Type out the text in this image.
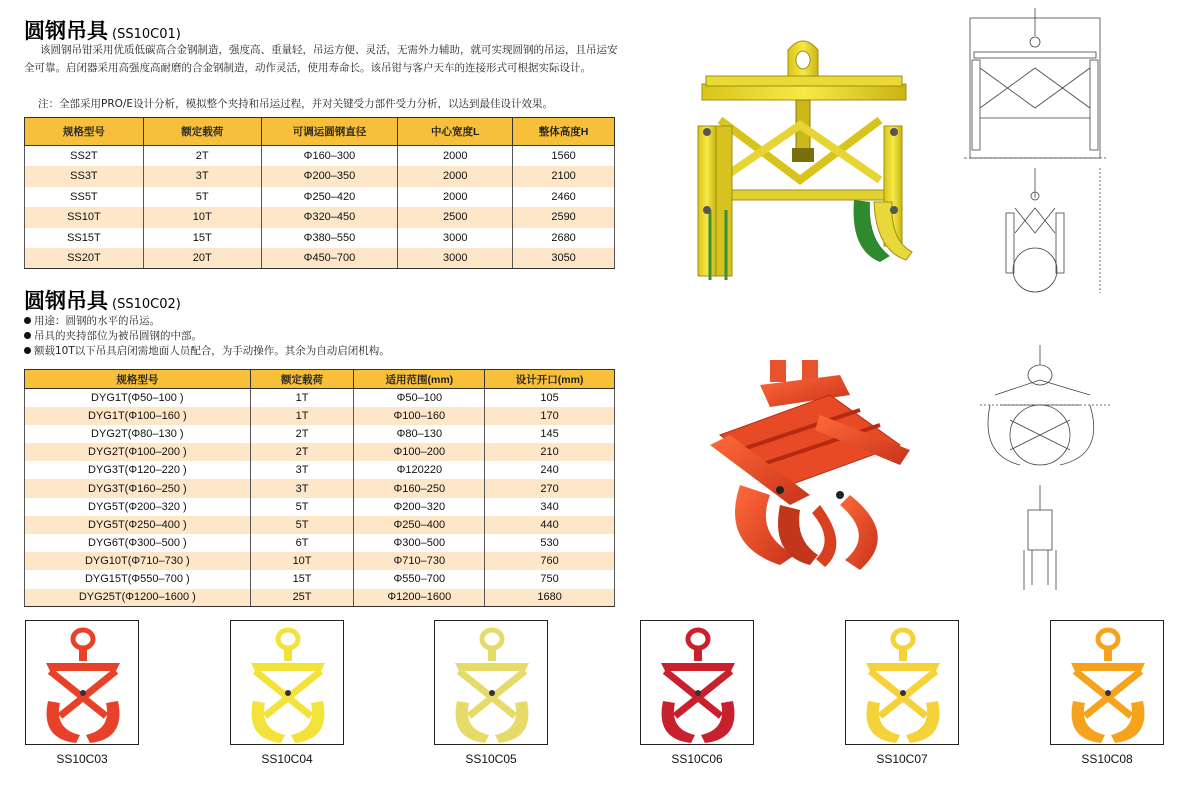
圆钢吊具 (SS10C01)
该圆钢吊钳采用优质低碳高合金钢制造，强度高、重量轻，吊运方便、灵活，无需外力辅助，就可实现圆钢的吊运，且吊运安全可靠。启闭器采用高强度高耐磨的合金钢制造，动作灵活，使用寿命长。该吊钳与客户天车的连接形式可根据实际设计。
注：全部采用PRO/E设计分析，模拟整个夹持和吊运过程，并对关键受力部件受力分析，以达到最佳设计效果。
规格型号	额定载荷	可调运圆钢直径	中心宽度L	整体高度H
SS2T	2T	Φ160–300	2000	1560
SS3T	3T	Φ200–350	2000	2100
SS5T	5T	Φ250–420	2000	2460
SS10T	10T	Φ320–450	2500	2590
SS15T	15T	Φ380–550	3000	2680
SS20T	20T	Φ450–700	3000	3050
圆钢吊具 (SS10C02)
用途：圆钢的水平的吊运。
吊具的夹持部位为被吊圆钢的中部。
额载10T以下吊具启闭需地面人员配合，为手动操作。其余为自动启闭机构。
规格型号	额定载荷	适用范围(mm)	设计开口(mm)
DYG1T(Φ50–100 )	1T	Φ50–100	105
DYG1T(Φ100–160 )	1T	Φ100–160	170
DYG2T(Φ80–130 )	2T	Φ80–130	145
DYG2T(Φ100–200 )	2T	Φ100–200	210
DYG3T(Φ120–220 )	3T	Φ120220	240
DYG3T(Φ160–250 )	3T	Φ160–250	270
DYG5T(Φ200–320 )	5T	Φ200–320	340
DYG5T(Φ250–400 )	5T	Φ250–400	440
DYG6T(Φ300–500 )	6T	Φ300–500	530
DYG10T(Φ710–730 )	10T	Φ710–730	760
DYG15T(Φ550–700 )	15T	Φ550–700	750
DYG25T(Φ1200–1600 )	25T	Φ1200–1600	1680
SS10C03	SS10C04	SS10C05	SS10C06	SS10C07	SS10C08
